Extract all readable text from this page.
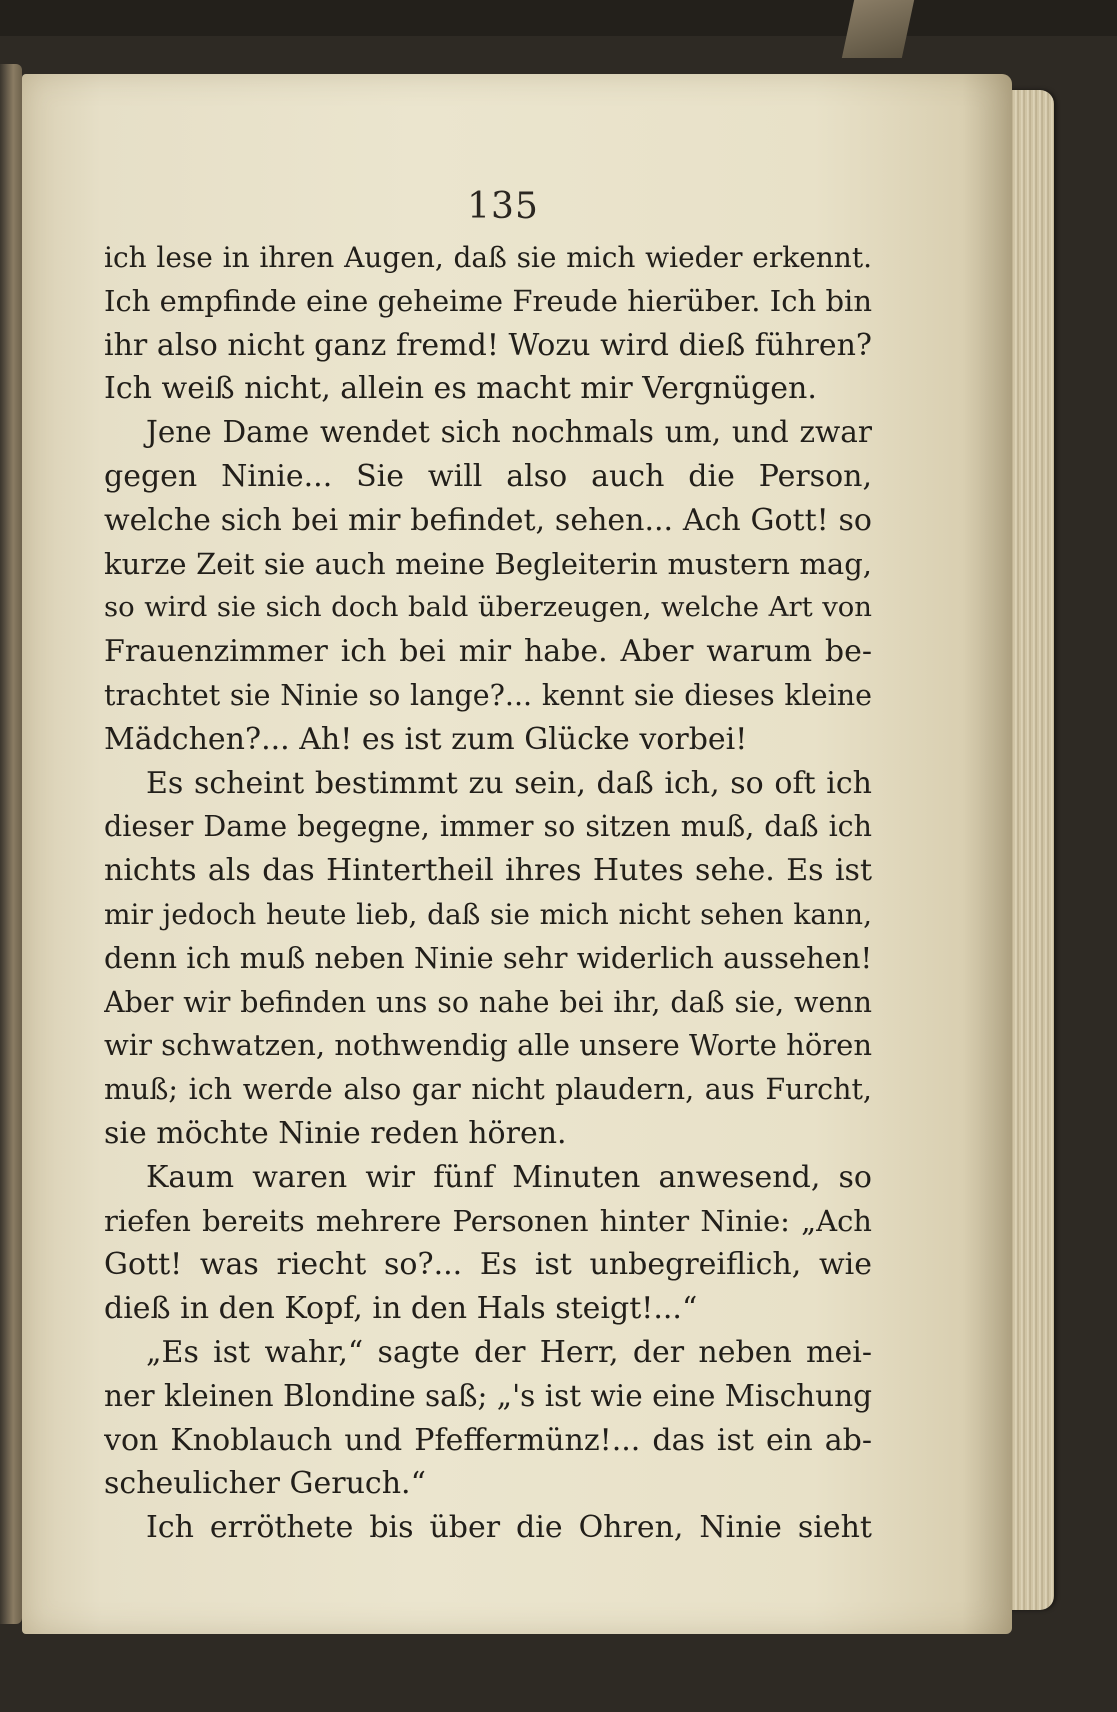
135
ich lese in ihren Augen, daß sie mich wieder erkennt.
Ich empfinde eine geheime Freude hierüber. Ich bin
ihr also nicht ganz fremd! Wozu wird dieß führen?
Ich weiß nicht, allein es macht mir Vergnügen.
Jene Dame wendet sich nochmals um, und zwar
gegen Ninie... Sie will also auch die Person,
welche sich bei mir befindet, sehen... Ach Gott! so
kurze Zeit sie auch meine Begleiterin mustern mag,
so wird sie sich doch bald überzeugen, welche Art von
Frauenzimmer ich bei mir habe. Aber warum be-
trachtet sie Ninie so lange?... kennt sie dieses kleine
Mädchen?... Ah! es ist zum Glücke vorbei!
Es scheint bestimmt zu sein, daß ich, so oft ich
dieser Dame begegne, immer so sitzen muß, daß ich
nichts als das Hintertheil ihres Hutes sehe. Es ist
mir jedoch heute lieb, daß sie mich nicht sehen kann,
denn ich muß neben Ninie sehr widerlich aussehen!
Aber wir befinden uns so nahe bei ihr, daß sie, wenn
wir schwatzen, nothwendig alle unsere Worte hören
muß; ich werde also gar nicht plaudern, aus Furcht,
sie möchte Ninie reden hören.
Kaum waren wir fünf Minuten anwesend, so
riefen bereits mehrere Personen hinter Ninie: „Ach
Gott! was riecht so?... Es ist unbegreiflich, wie
dieß in den Kopf, in den Hals steigt!...“
„Es ist wahr,“ sagte der Herr, der neben mei-
ner kleinen Blondine saß; „'s ist wie eine Mischung
von Knoblauch und Pfeffermünz!... das ist ein ab-
scheulicher Geruch.“
Ich erröthete bis über die Ohren, Ninie sieht
